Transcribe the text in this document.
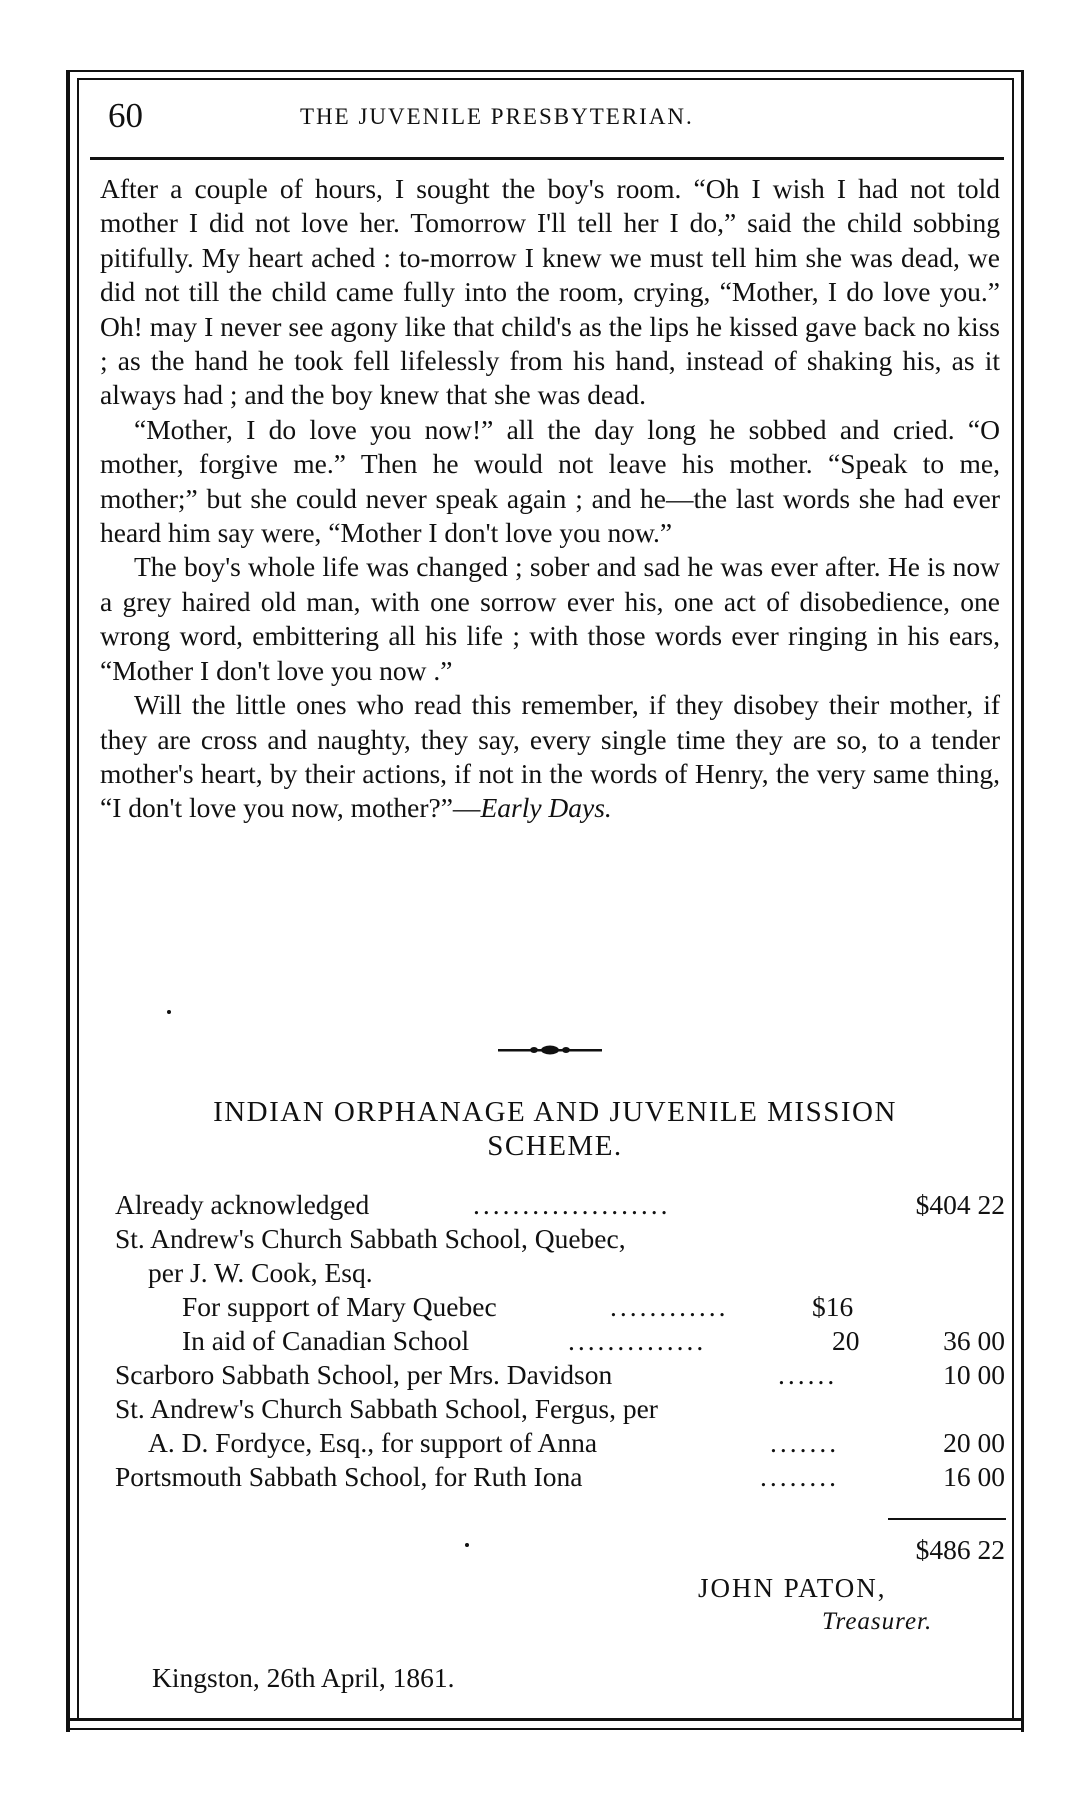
60	THE JUVENILE PRESBYTERIAN.

After a couple of hours, I sought the boy's room. “Oh I wish I had not told mother I did not love her. Tomorrow I'll tell her I do,” said the child sobbing pitifully. My heart ached : to-morrow I knew we must tell him she was dead, we did not till the child came fully into the room, crying, “Mother, I do love you.” Oh! may I never see agony like that child's as the lips he kissed gave back no kiss ; as the hand he took fell lifelessly from his hand, instead of shaking his, as it always had ; and the boy knew that she was dead.

“Mother, I do love you now!” all the day long he sobbed and cried. “O mother, forgive me.” Then he would not leave his mother. “Speak to me, mother;” but she could never speak again ; and he—the last words she had ever heard him say were, “Mother I don't love you now.”

The boy's whole life was changed ; sober and sad he was ever after. He is now a grey haired old man, with one sorrow ever his, one act of disobedience, one wrong word, embittering all his life ; with those words ever ringing in his ears, “Mother I don't love you now .”

Will the little ones who read this remember, if they disobey their mother, if they are cross and naughty, they say, every single time they are so, to a tender mother's heart, by their actions, if not in the words of Henry, the very same thing, “I don't love you now, mother?”—Early Days.

INDIAN ORPHANAGE AND JUVENILE MISSION
SCHEME.
Already acknowledged	....................	$404 22
St. Andrew's Church Sabbath School, Quebec,
per J. W. Cook, Esq.
For support of Mary Quebec	............	$16
In aid of Canadian School	..............	20	36 00
Scarboro Sabbath School, per Mrs. Davidson	......	10 00
St. Andrew's Church Sabbath School, Fergus, per
A. D. Fordyce, Esq., for support of Anna	.......	20 00
Portsmouth Sabbath School, for Ruth Iona	........	16 00
$486 22
JOHN PATON,
Treasurer.
Kingston, 26th April, 1861.
